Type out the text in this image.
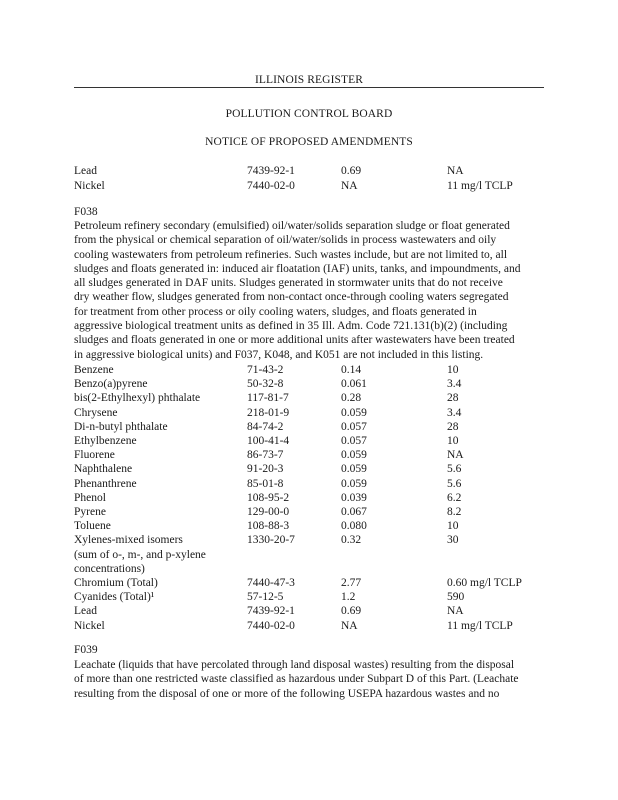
ILLINOIS REGISTER
POLLUTION CONTROL BOARD
NOTICE OF PROPOSED AMENDMENTS
Lead	7439-92-1	0.69	NA
Nickel	7440-02-0	NA	11 mg/l TCLP
F038
Petroleum refinery secondary (emulsified) oil/water/solids separation sludge or float generated
from the physical or chemical separation of oil/water/solids in process wastewaters and oily
cooling wastewaters from petroleum refineries. Such wastes include, but are not limited to, all
sludges and floats generated in: induced air floatation (IAF) units, tanks, and impoundments, and
all sludges generated in DAF units. Sludges generated in stormwater units that do not receive
dry weather flow, sludges generated from non-contact once-through cooling waters segregated
for treatment from other process or oily cooling waters, sludges, and floats generated in
aggressive biological treatment units as defined in 35 Ill. Adm. Code 721.131(b)(2) (including
sludges and floats generated in one or more additional units after wastewaters have been treated
in aggressive biological units) and F037, K048, and K051 are not included in this listing.
Benzene	71-43-2	0.14	10
Benzo(a)pyrene	50-32-8	0.061	3.4
bis(2-Ethylhexyl) phthalate	117-81-7	0.28	28
Chrysene	218-01-9	0.059	3.4
Di-n-butyl phthalate	84-74-2	0.057	28
Ethylbenzene	100-41-4	0.057	10
Fluorene	86-73-7	0.059	NA
Naphthalene	91-20-3	0.059	5.6
Phenanthrene	85-01-8	0.059	5.6
Phenol	108-95-2	0.039	6.2
Pyrene	129-00-0	0.067	8.2
Toluene	108-88-3	0.080	10
Xylenes-mixed isomers	1330-20-7	0.32	30
(sum of o-, m-, and p-xylene
concentrations)
Chromium (Total)	7440-47-3	2.77	0.60 mg/l TCLP
Cyanides (Total)¹	57-12-5	1.2	590
Lead	7439-92-1	0.69	NA
Nickel	7440-02-0	NA	11 mg/l TCLP
F039
Leachate (liquids that have percolated through land disposal wastes) resulting from the disposal
of more than one restricted waste classified as hazardous under Subpart D of this Part. (Leachate
resulting from the disposal of one or more of the following USEPA hazardous wastes and no
